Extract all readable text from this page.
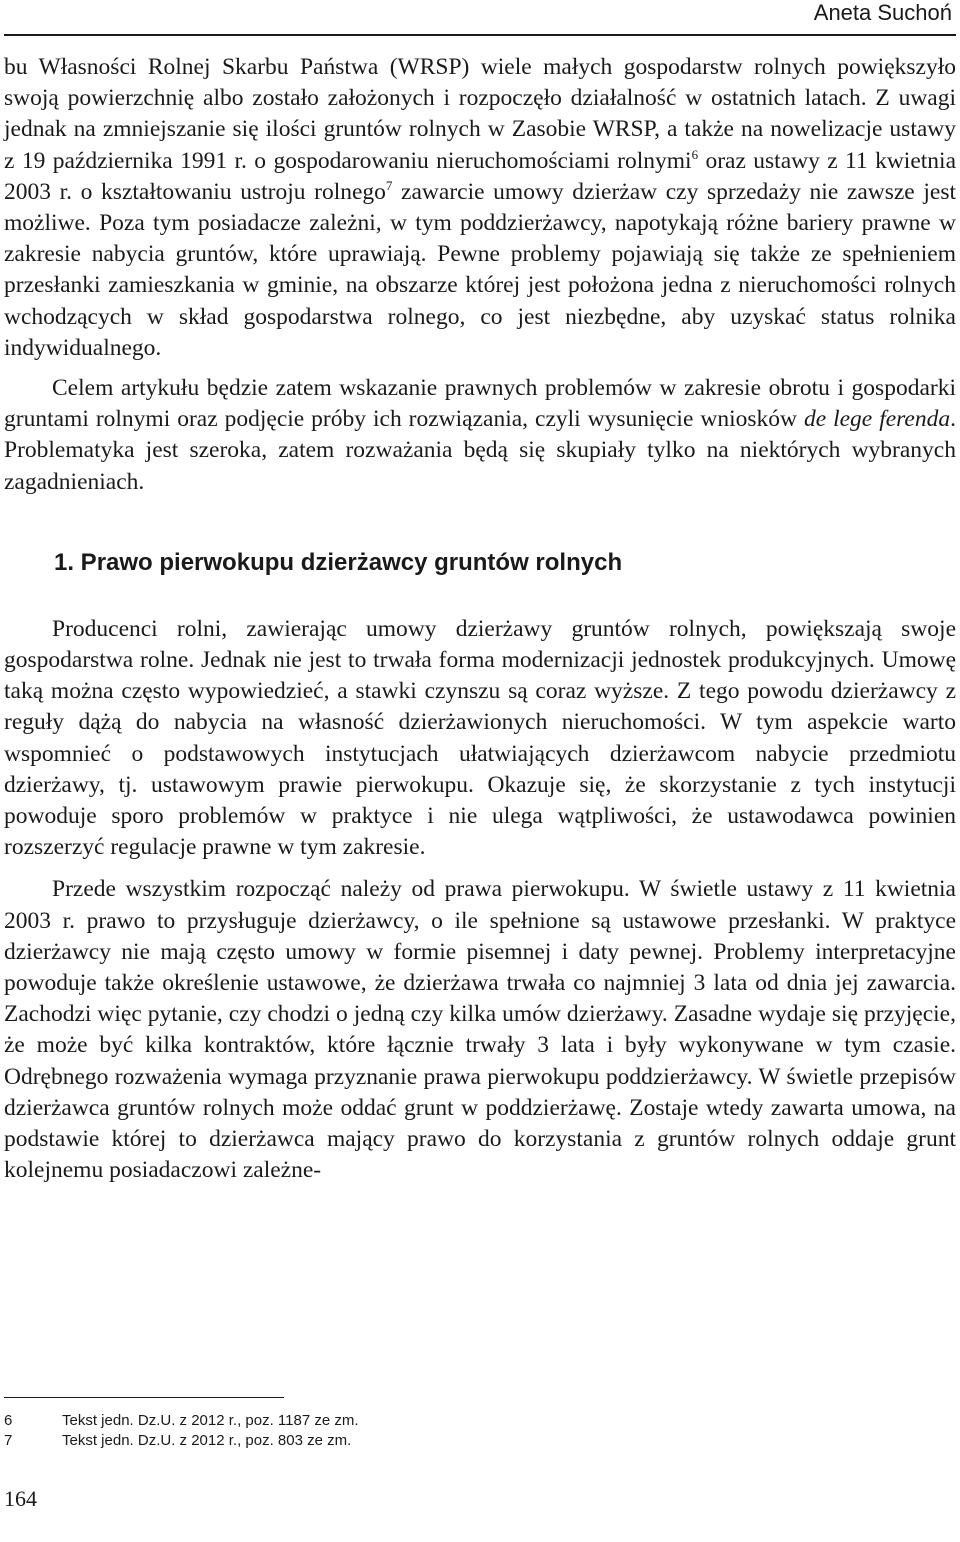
Aneta Suchoń

bu Własności Rolnej Skarbu Państwa (WRSP) wiele małych gospodarstw rolnych powiększyło swoją powierzchnię albo zostało założonych i rozpoczęło działalność w ostatnich latach. Z uwagi jednak na zmniejszanie się ilości gruntów rolnych w Zasobie WRSP, a także na nowelizacje ustawy z 19 października 1991 r. o gospodarowaniu nieruchomościami rolnymi$^6$ oraz ustawy z 11 kwietnia 2003 r. o kształtowaniu ustroju rolnego$^7$ zawarcie umowy dzierżaw czy sprzedaży nie zawsze jest możliwe. Poza tym posiadacze zależni, w tym poddzierżawcy, napotykają różne bariery prawne w zakresie nabycia gruntów, które uprawiają. Pewne problemy pojawiają się także ze spełnieniem przesłanki zamieszkania w gminie, na obszarze której jest położona jedna z nieruchomości rolnych wchodzących w skład gospodarstwa rolnego, co jest niezbędne, aby uzyskać status rolnika indywidualnego.

Celem artykułu będzie zatem wskazanie prawnych problemów w zakresie obrotu i gospodarki gruntami rolnymi oraz podjęcie próby ich rozwiązania, czyli wysunięcie wniosków de lege ferenda. Problematyka jest szeroka, zatem rozważania będą się skupiały tylko na niektórych wybranych zagadnieniach.

1. Prawo pierwokupu dzierżawcy gruntów rolnych

Producenci rolni, zawierając umowy dzierżawy gruntów rolnych, powiększają swoje gospodarstwa rolne. Jednak nie jest to trwała forma modernizacji jednostek produkcyjnych. Umowę taką można często wypowiedzieć, a stawki czynszu są coraz wyższe. Z tego powodu dzierżawcy z reguły dążą do nabycia na własność dzierżawionych nieruchomości. W tym aspekcie warto wspomnieć o podstawowych instytucjach ułatwiających dzierżawcom nabycie przedmiotu dzierżawy, tj. ustawowym prawie pierwokupu. Okazuje się, że skorzystanie z tych instytucji powoduje sporo problemów w praktyce i nie ulega wątpliwości, że ustawodawca powinien rozszerzyć regulacje prawne w tym zakresie.

Przede wszystkim rozpocząć należy od prawa pierwokupu. W świetle ustawy z 11 kwietnia 2003 r. prawo to przysługuje dzierżawcy, o ile spełnione są ustawowe przesłanki. W praktyce dzierżawcy nie mają często umowy w formie pisemnej i daty pewnej. Problemy interpretacyjne powoduje także określenie ustawowe, że dzierżawa trwała co najmniej 3 lata od dnia jej zawarcia. Zachodzi więc pytanie, czy chodzi o jedną czy kilka umów dzierżawy. Zasadne wydaje się przyjęcie, że może być kilka kontraktów, które łącznie trwały 3 lata i były wykonywane w tym czasie. Odrębnego rozważenia wymaga przyznanie prawa pierwokupu poddzierżawcy. W świetle przepisów dzierżawca gruntów rolnych może oddać grunt w poddzierżawę. Zostaje wtedy zawarta umowa, na podstawie której to dzierżawca mający prawo do korzystania z gruntów rolnych oddaje grunt kolejnemu posiadaczowi zależne-

6	Tekst jedn. Dz.U. z 2012 r., poz. 1187 ze zm.
7	Tekst jedn. Dz.U. z 2012 r., poz. 803 ze zm.
164
